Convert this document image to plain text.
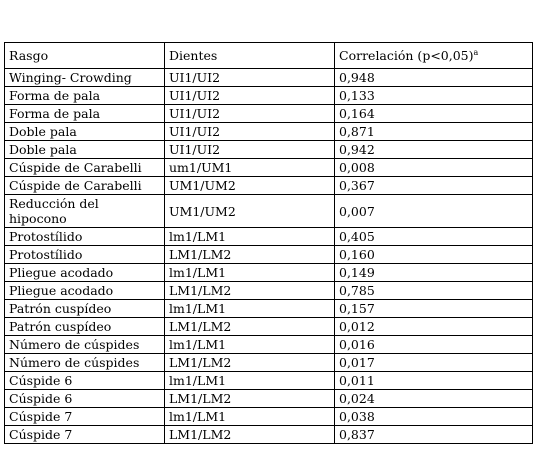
Rasgo	Dientes	Correlación (p<0,05)$^a$
Winging- Crowding	UI1/UI2	0,948
Forma de pala	UI1/UI2	0,133
Forma de pala	UI1/UI2	0,164
Doble pala	UI1/UI2	0,871
Doble pala	UI1/UI2	0,942
Cúspide de Carabelli	um1/UM1	0,008
Cúspide de Carabelli	UM1/UM2	0,367
Reducción del hipocono	UM1/UM2	0,007
Protostílido	lm1/LM1	0,405
Protostílido	LM1/LM2	0,160
Pliegue acodado	lm1/LM1	0,149
Pliegue acodado	LM1/LM2	0,785
Patrón cuspídeo	lm1/LM1	0,157
Patrón cuspídeo	LM1/LM2	0,012
Número de cúspides	lm1/LM1	0,016
Número de cúspides	LM1/LM2	0,017
Cúspide 6	lm1/LM1	0,011
Cúspide 6	LM1/LM2	0,024
Cúspide 7	lm1/LM1	0,038
Cúspide 7	LM1/LM2	0,837
